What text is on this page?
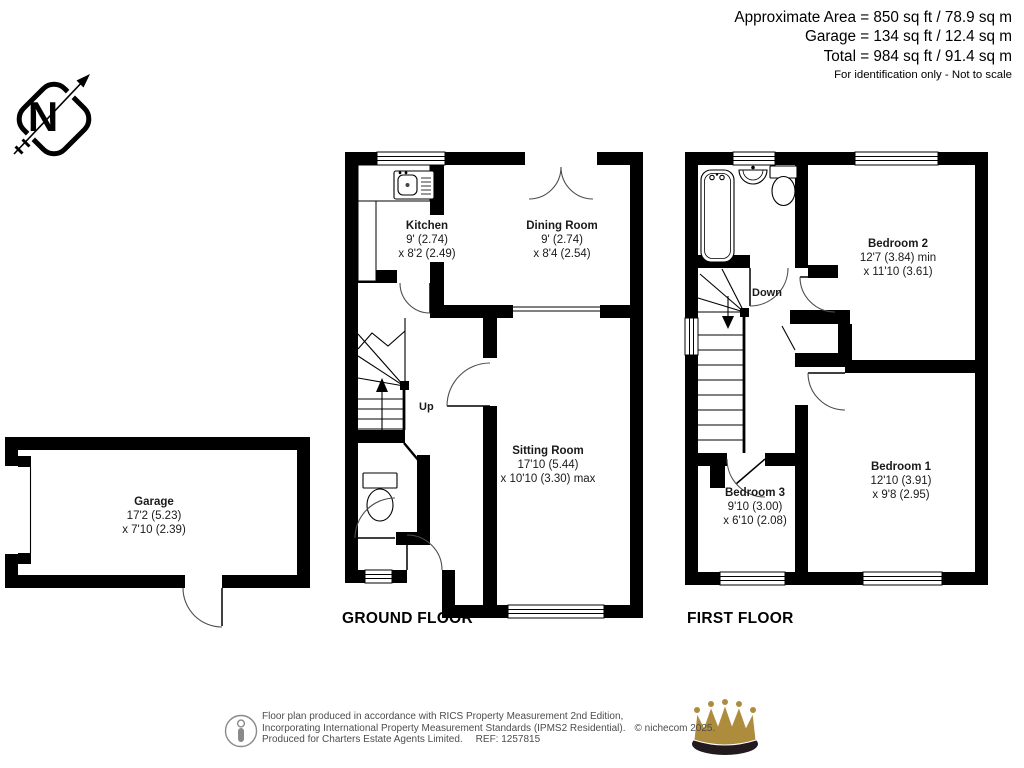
N
Approximate Area = 850 sq ft / 78.9 sq m
Garage = 134 sq ft / 12.4 sq m
Total = 984 sq ft / 91.4 sq m
For identification only - Not to scale
Garage
17'2 (5.23)
x 7'10 (2.39)
Kitchen
9' (2.74)
x 8'2 (2.49)
Dining Room
9' (2.74)
x 8'4 (2.54)
Sitting Room
17'10 (5.44)
x 10'10 (3.30) max
Bedroom 2
12'7 (3.84) min
x 11'10 (3.61)
Bedroom 1
12'10 (3.91)
x 9'8 (2.95)
Bedroom 3
9'10 (3.00)
x 6'10 (2.08)
Up
Down
GROUND FLOOR	FIRST FLOOR
Floor plan produced in accordance with RICS Property Measurement 2nd Edition,
Incorporating International Property Measurement Standards (IPMS2 Residential). © nichecom 2025.
Produced for Charters Estate Agents Limited. REF: 1257815
